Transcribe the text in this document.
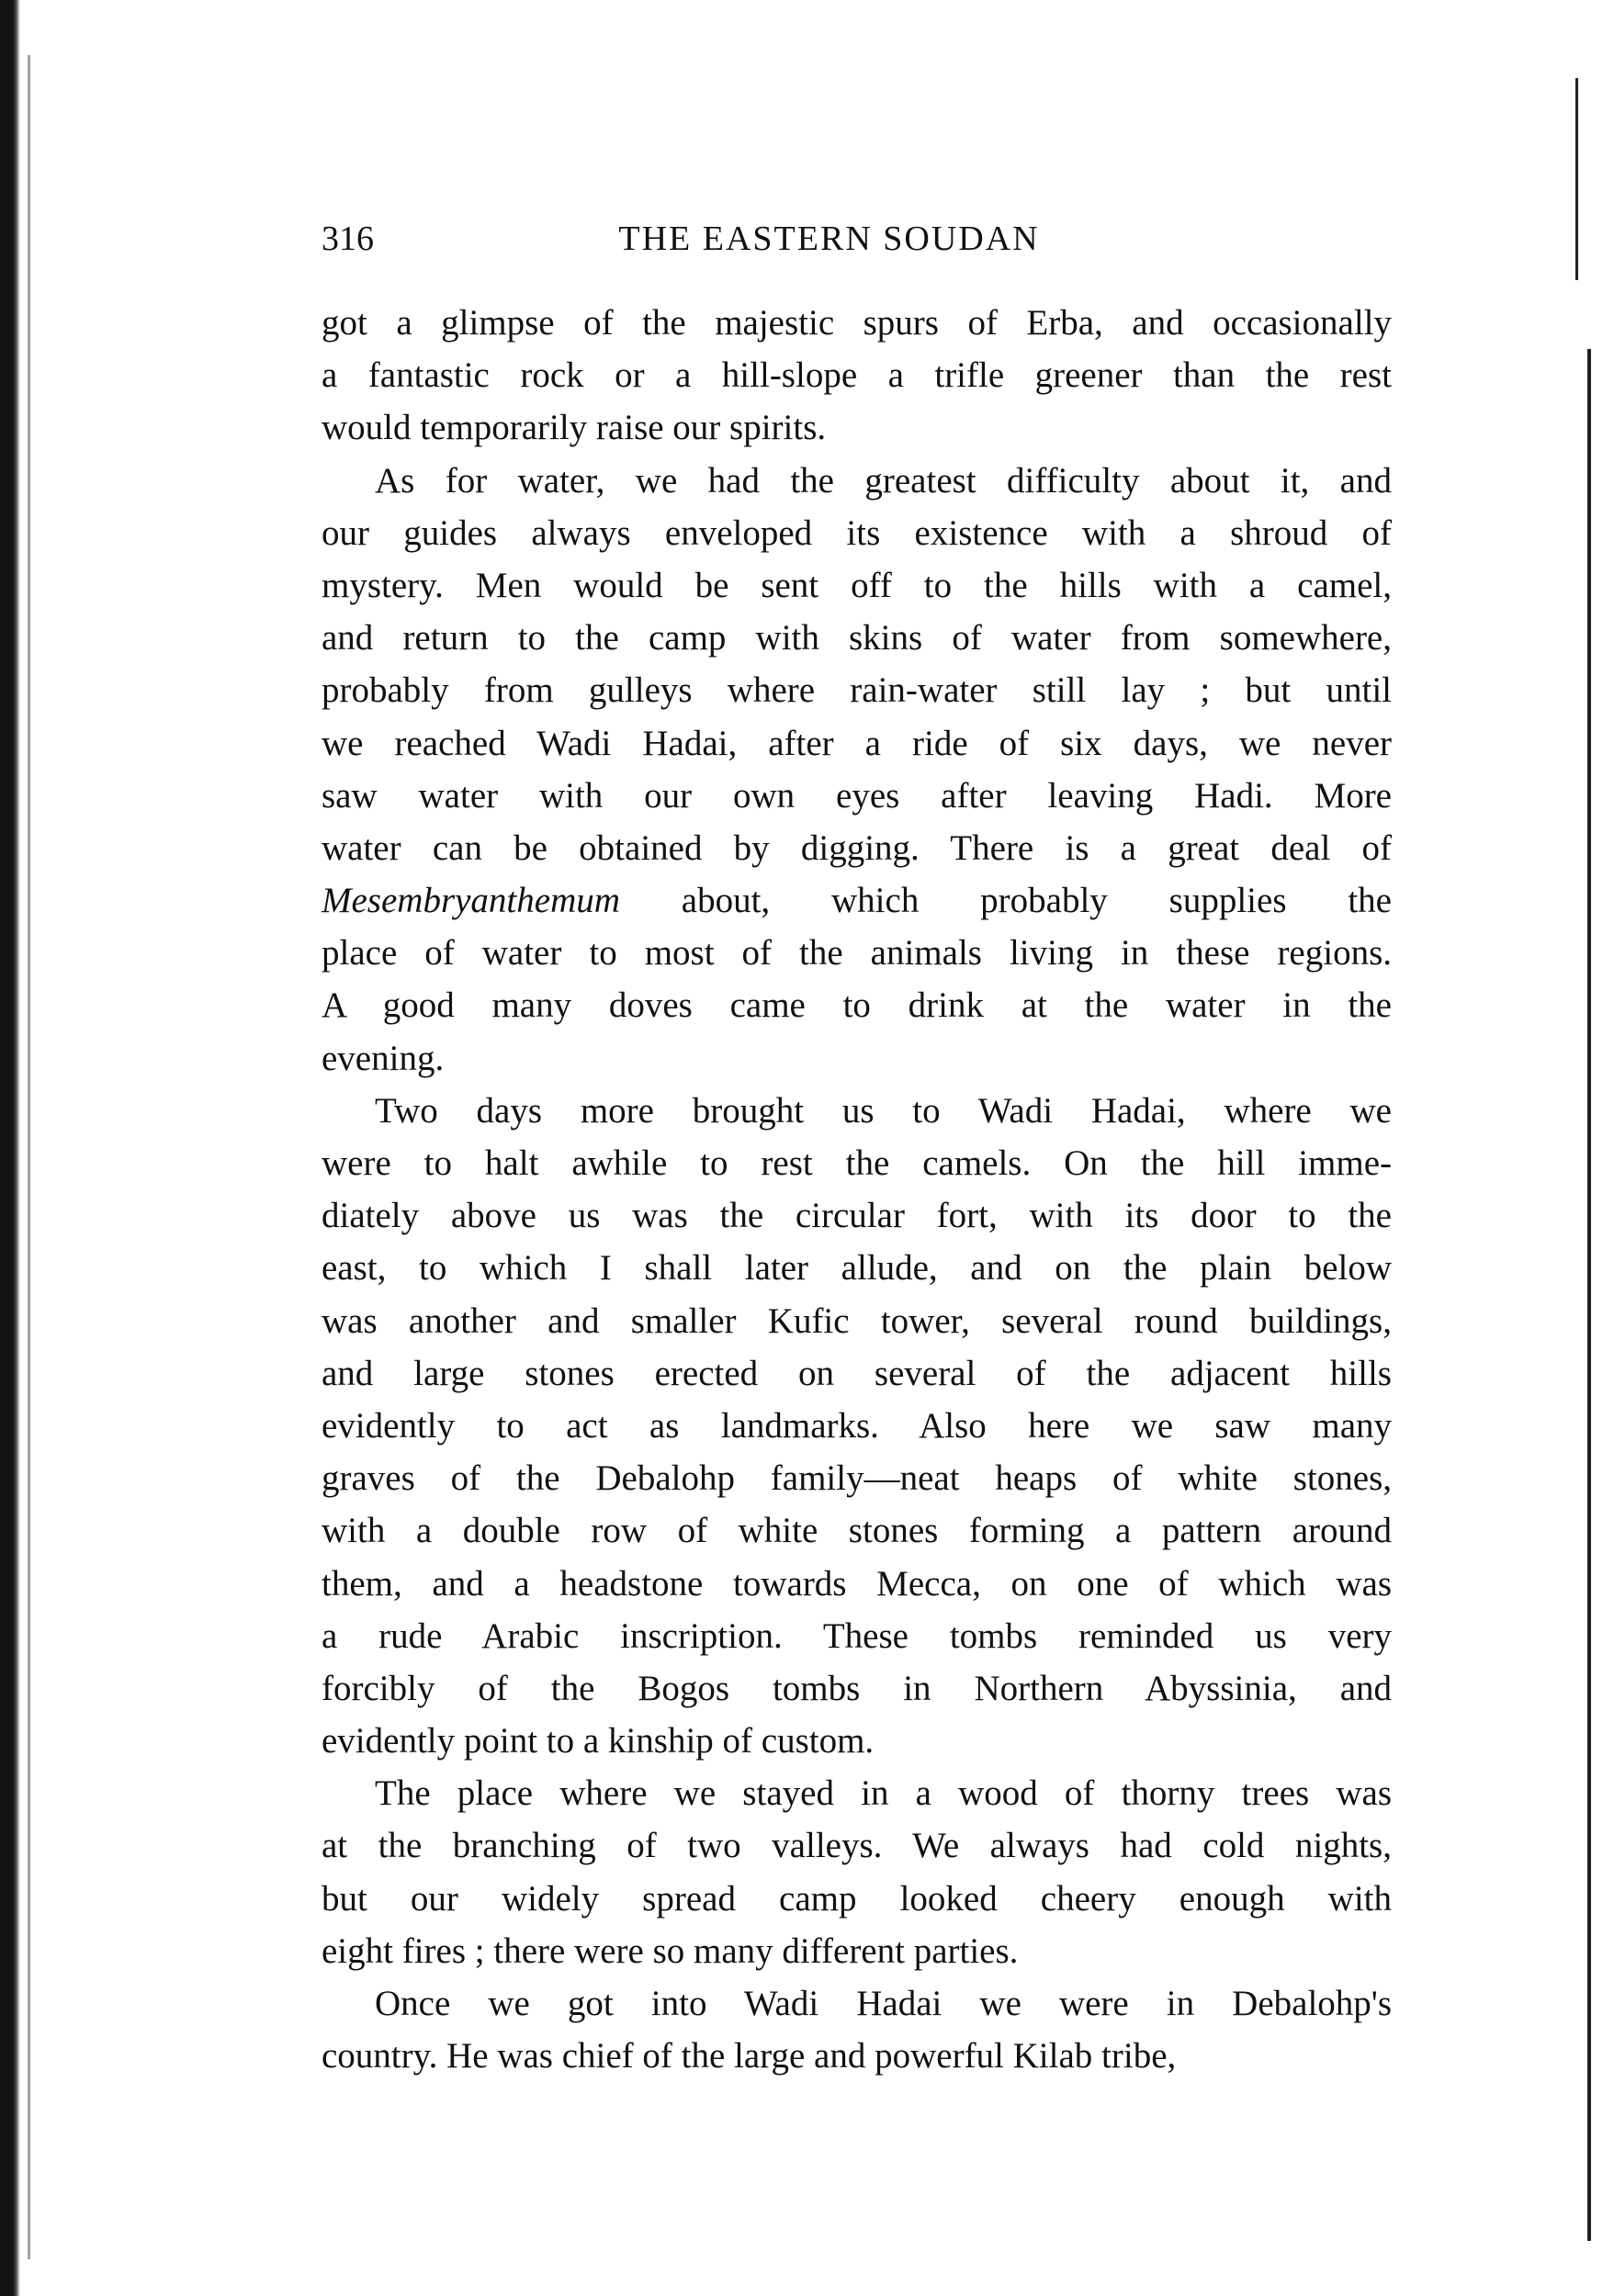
316	THE EASTERN SOUDAN
got a glimpse of the majestic spurs of Erba, and occasionally
a fantastic rock or a hill-slope a trifle greener than the rest
would temporarily raise our spirits.
As for water, we had the greatest difficulty about it, and
our guides always enveloped its existence with a shroud of
mystery. Men would be sent off to the hills with a camel,
and return to the camp with skins of water from somewhere,
probably from gulleys where rain-water still lay ; but until
we reached Wadi Hadai, after a ride of six days, we never
saw water with our own eyes after leaving Hadi. More
water can be obtained by digging. There is a great deal of
Mesembryanthemum about, which probably supplies the
place of water to most of the animals living in these regions.
A good many doves came to drink at the water in the
evening.
Two days more brought us to Wadi Hadai, where we
were to halt awhile to rest the camels. On the hill imme-
diately above us was the circular fort, with its door to the
east, to which I shall later allude, and on the plain below
was another and smaller Kufic tower, several round buildings,
and large stones erected on several of the adjacent hills
evidently to act as landmarks. Also here we saw many
graves of the Debalohp family—neat heaps of white stones,
with a double row of white stones forming a pattern around
them, and a headstone towards Mecca, on one of which was
a rude Arabic inscription. These tombs reminded us very
forcibly of the Bogos tombs in Northern Abyssinia, and
evidently point to a kinship of custom.
The place where we stayed in a wood of thorny trees was
at the branching of two valleys. We always had cold nights,
but our widely spread camp looked cheery enough with
eight fires ; there were so many different parties.
Once we got into Wadi Hadai we were in Debalohp's
country. He was chief of the large and powerful Kilab tribe,
